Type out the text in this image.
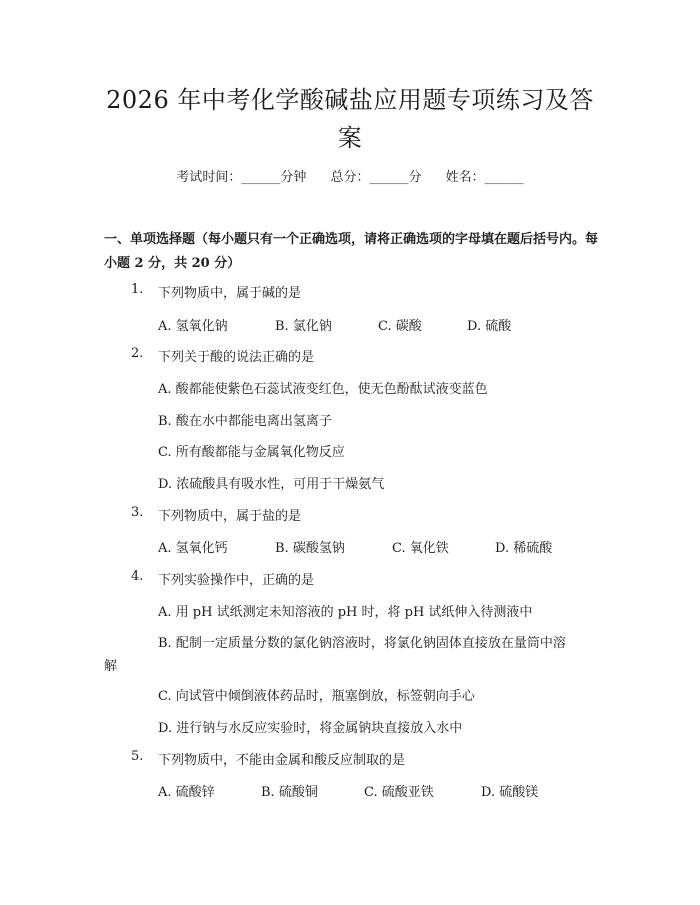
2026 年中考化学酸碱盐应用题专项练习及答
案
考试时间：______分钟 总分：______分 姓名：______
一、单项选择题（每小题只有一个正确选项，请将正确选项的字母填在题后括号内。每小题 2 分，共 20 分）
1. 下列物质中，属于碱的是
A. 氢氧化钠	B. 氯化钠	C. 碳酸	D. 硫酸
2. 下列关于酸的说法正确的是
A. 酸都能使紫色石蕊试液变红色，使无色酚酞试液变蓝色
B. 酸在水中都能电离出氢离子
C. 所有酸都能与金属氧化物反应
D. 浓硫酸具有吸水性，可用于干燥氨气
3. 下列物质中，属于盐的是
A. 氢氧化钙	B. 碳酸氢钠	C. 氧化铁	D. 稀硫酸
4. 下列实验操作中，正确的是
A. 用 pH 试纸测定未知溶液的 pH 时，将 pH 试纸伸入待测液中
B. 配制一定质量分数的氯化钠溶液时，将氯化钠固体直接放在量筒中溶
解
C. 向试管中倾倒液体药品时，瓶塞倒放，标签朝向手心
D. 进行钠与水反应实验时，将金属钠块直接放入水中
5. 下列物质中，不能由金属和酸反应制取的是
A. 硫酸锌	B. 硫酸铜	C. 硫酸亚铁	D. 硫酸镁
